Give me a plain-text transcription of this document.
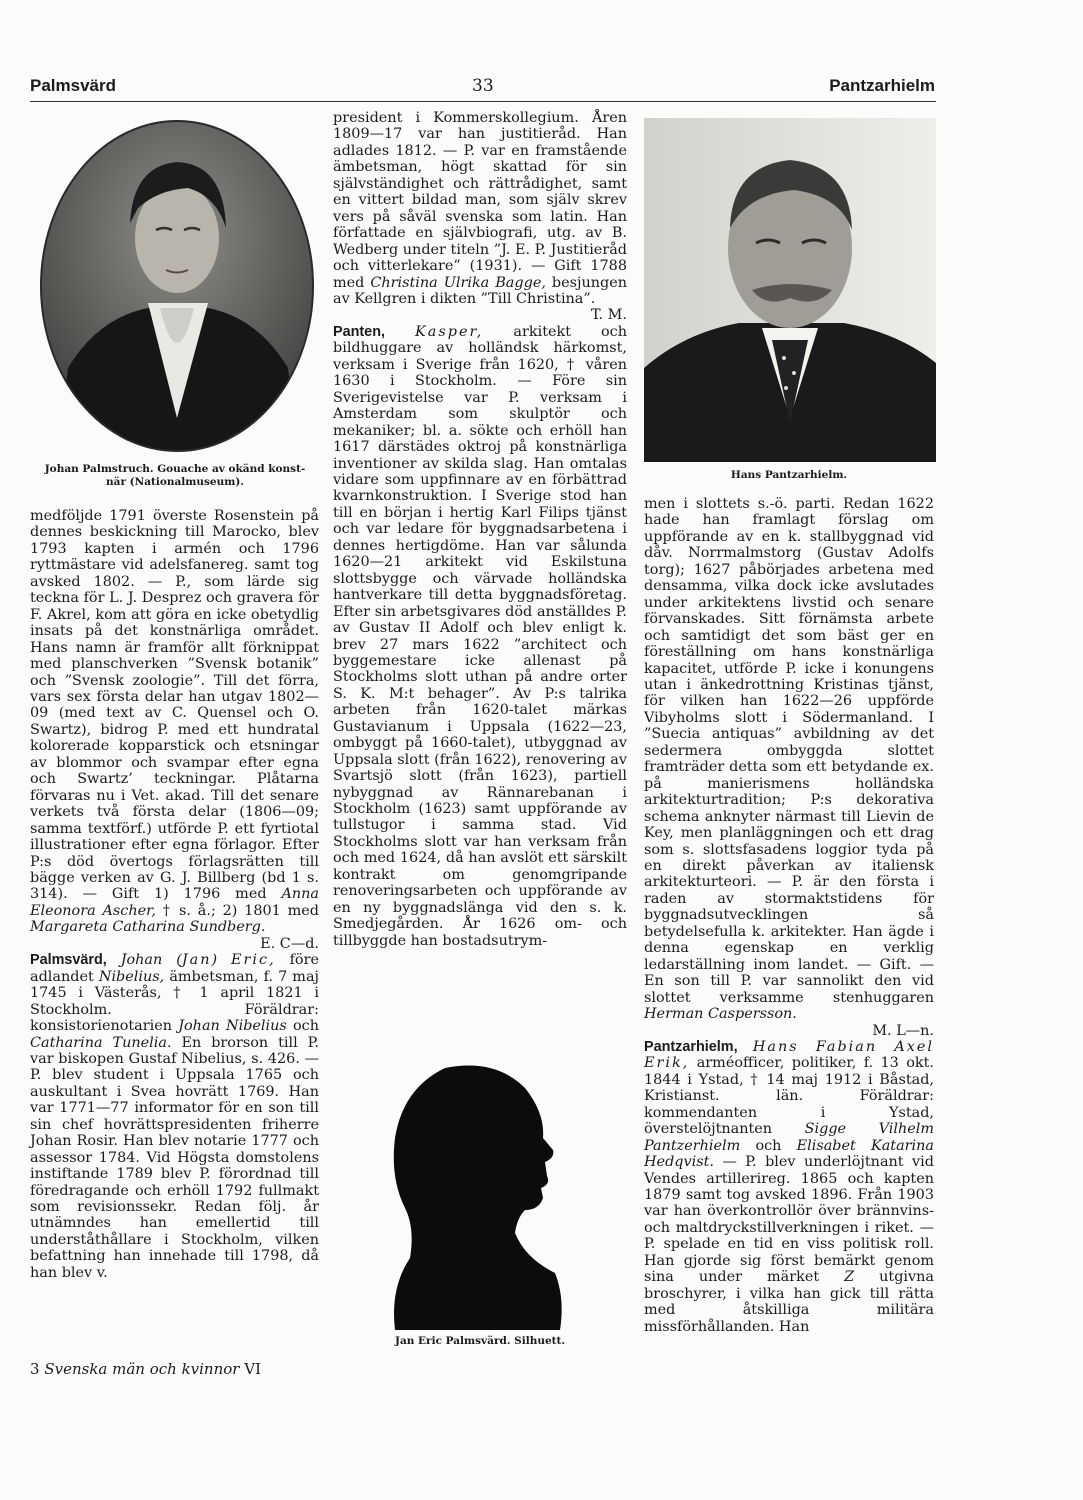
Palmsvärd	33	Pantzarhielm
Johan Palmstruch. Gouache av okänd konst-
när (Nationalmuseum).
Hans Pantzarhielm.
Jan Eric Palmsvärd. Silhuett.

medföljde 1791 överste Rosenstein på dennes beskickning till Marocko, blev 1793 kapten i armén och 1796 ryttmästare vid adelsfanereg. samt tog avsked 1802. — P., som lärde sig teckna för L. J. Desprez och gravera för F. Akrel, kom att göra en icke obetydlig insats på det konstnärliga området. Hans namn är framför allt förknippat med planschverken ”Svensk botanik” och ”Svensk zoologie”. Till det förra, vars sex första delar han utgav 1802—09 (med text av C. Quensel och O. Swartz), bidrog P. med ett hundratal kolorerade kopparstick och etsningar av blommor och svampar efter egna och Swartz’ teckningar. Plåtarna förvaras nu i Vet. akad. Till det senare verkets två första delar (1806—09; samma textförf.) utförde P. ett fyrtiotal illustrationer efter egna förlagor. Efter P:s död övertogs förlagsrätten till bägge verken av G. J. Billberg (bd 1 s. 314). — Gift 1) 1796 med Anna Eleonora Ascher, † s. å.; 2) 1801 med Margareta Catharina Sundberg.

E. C—d.

Palmsvärd, Johan (Jan) Eric, före adlandet Nibelius, ämbetsman, f. 7 maj 1745 i Västerås, † 1 april 1821 i Stockholm. Föräldrar: konsistorienotarien Johan Nibelius och Catharina Tunelia. En brorson till P. var biskopen Gustaf Nibelius, s. 426. — P. blev student i Uppsala 1765 och auskultant i Svea hovrätt 1769. Han var 1771—77 informator för en son till sin chef hovrättspresidenten friherre Johan Rosir. Han blev notarie 1777 och assessor 1784. Vid Högsta domstolens instiftande 1789 blev P. förordnad till föredragande och erhöll 1792 fullmakt som revisionssekr. Redan följ. år utnämndes han emellertid till underståthållare i Stockholm, vilken befattning han innehade till 1798, då han blev v.

president i Kommerskollegium. Åren 1809—17 var han justitieråd. Han adlades 1812. — P. var en framstående ämbetsman, högt skattad för sin självständighet och rättrådighet, samt en vittert bildad man, som själv skrev vers på såväl svenska som latin. Han författade en självbiografi, utg. av B. Wedberg under titeln ”J. E. P. Justitieråd och vitterlekare” (1931). — Gift 1788 med Christina Ulrika Bagge, besjungen av Kellgren i dikten ”Till Christina”.

T. M.

Panten, Kasper, arkitekt och bildhuggare av holländsk härkomst, verksam i Sverige från 1620, † våren 1630 i Stockholm. — Före sin Sverigevistelse var P. verksam i Amsterdam som skulptör och mekaniker; bl. a. sökte och erhöll han 1617 därstädes oktroj på konstnärliga inventioner av skilda slag. Han omtalas vidare som uppfinnare av en förbättrad kvarnkonstruktion. I Sverige stod han till en början i hertig Karl Filips tjänst och var ledare för byggnadsarbetena i dennes hertigdöme. Han var sålunda 1620—21 arkitekt vid Eskilstuna slottsbygge och värvade holländska hantverkare till detta byggnadsföretag. Efter sin arbetsgivares död anställdes P. av Gustav II Adolf och blev enligt k. brev 27 mars 1622 ”architect och byggemestare icke allenast på Stockholms slott uthan på andre orter S. K. M:t behager”. Av P:s talrika arbeten från 1620-talet märkas Gustavianum i Uppsala (1622—23, ombyggt på 1660-talet), utbyggnad av Uppsala slott (från 1622), renovering av Svartsjö slott (från 1623), partiell nybyggnad av Rännarebanan i Stockholm (1623) samt uppförande av tullstugor i samma stad. Vid Stockholms slott var han verksam från och med 1624, då han avslöt ett särskilt kontrakt om genomgripande renoveringsarbeten och uppförande av en ny byggnadslänga vid den s. k. Smedjegården. År 1626 om- och tillbyggde han bostadsutrym-

men i slottets s.-ö. parti. Redan 1622 hade han framlagt förslag om uppförande av en k. stallbyggnad vid dåv. Norrmalmstorg (Gustav Adolfs torg); 1627 påbörjades arbetena med densamma, vilka dock icke avslutades under arkitektens livstid och senare förvanskades. Sitt förnämsta arbete och samtidigt det som bäst ger en föreställning om hans konstnärliga kapacitet, utförde P. icke i konungens utan i änkedrottning Kristinas tjänst, för vilken han 1622—26 uppförde Vibyholms slott i Södermanland. I ”Suecia antiquas” avbildning av det sedermera ombyggda slottet framträder detta som ett betydande ex. på manierismens holländska arkitekturtradition; P:s dekorativa schema anknyter närmast till Lievin de Key, men planläggningen och ett drag som s. slottsfasadens loggior tyda på en direkt påverkan av italiensk arkitekturteori. — P. är den första i raden av stormaktstidens för byggnadsutvecklingen så betydelsefulla k. arkitekter. Han ägde i denna egenskap en verklig ledarställning inom landet. — Gift. — En son till P. var sannolikt den vid slottet verksamme stenhuggaren Herman Caspersson.

M. L—n.

Pantzarhielm, Hans Fabian Axel Erik, arméofficer, politiker, f. 13 okt. 1844 i Ystad, † 14 maj 1912 i Båstad, Kristianst. län. Föräldrar: kommendanten i Ystad, överstelöjtnanten Sigge Vilhelm Pantzerhielm och Elisabet Katarina Hedqvist. — P. blev underlöjtnant vid Vendes artillerireg. 1865 och kapten 1879 samt tog avsked 1896. Från 1903 var han överkontrollör över brännvins- och maltdryckstillverkningen i riket. — P. spelade en tid en viss politisk roll. Han gjorde sig först bemärkt genom sina under märket Z utgivna broschyrer, i vilka han gick till rätta med åtskilliga militära missförhållanden. Han

3 Svenska män och kvinnor VI
